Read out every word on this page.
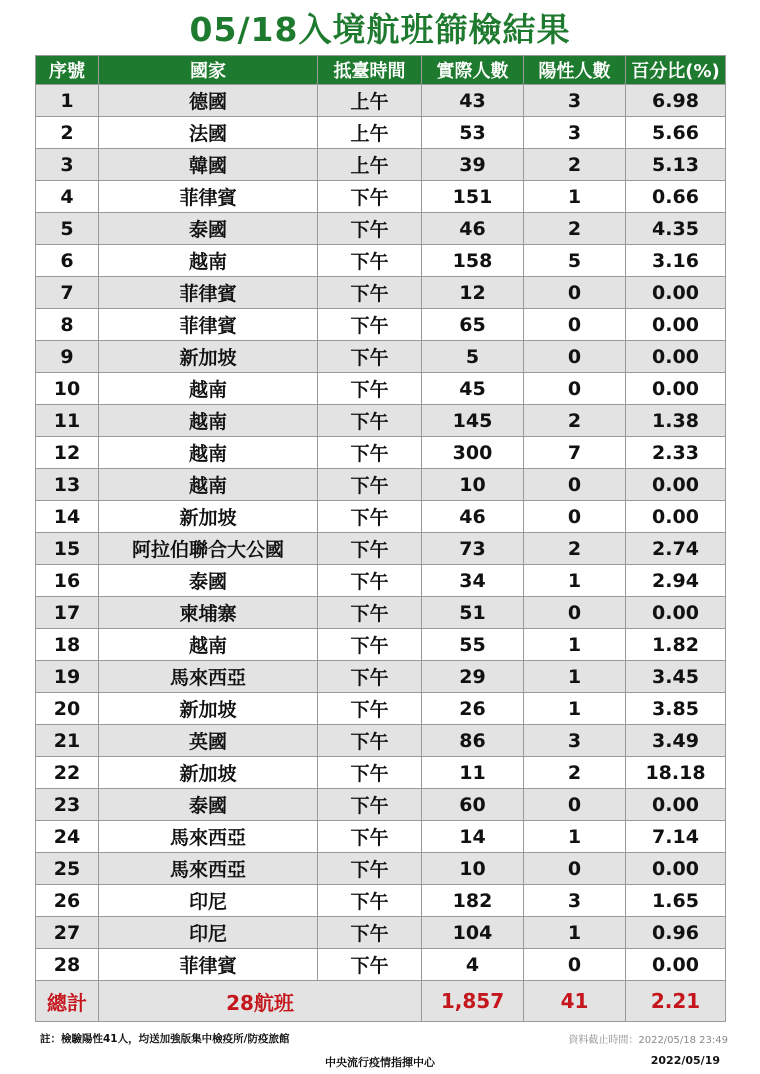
05/18入境航班篩檢結果
序號	國家	抵臺時間	實際人數	陽性人數	百分比(%)
1	德國	上午	43	3	6.98
2	法國	上午	53	3	5.66
3	韓國	上午	39	2	5.13
4	菲律賓	下午	151	1	0.66
5	泰國	下午	46	2	4.35
6	越南	下午	158	5	3.16
7	菲律賓	下午	12	0	0.00
8	菲律賓	下午	65	0	0.00
9	新加坡	下午	5	0	0.00
10	越南	下午	45	0	0.00
11	越南	下午	145	2	1.38
12	越南	下午	300	7	2.33
13	越南	下午	10	0	0.00
14	新加坡	下午	46	0	0.00
15	阿拉伯聯合大公國	下午	73	2	2.74
16	泰國	下午	34	1	2.94
17	柬埔寨	下午	51	0	0.00
18	越南	下午	55	1	1.82
19	馬來西亞	下午	29	1	3.45
20	新加坡	下午	26	1	3.85
21	英國	下午	86	3	3.49
22	新加坡	下午	11	2	18.18
23	泰國	下午	60	0	0.00
24	馬來西亞	下午	14	1	7.14
25	馬來西亞	下午	10	0	0.00
26	印尼	下午	182	3	1.65
27	印尼	下午	104	1	0.96
28	菲律賓	下午	4	0	0.00
總計	28航班		1,857	41	2.21
註：檢驗陽性41人，均送加強版集中檢疫所/防疫旅館	資料截止時間：2022/05/18 23:49
中央流行疫情指揮中心	2022/05/19
